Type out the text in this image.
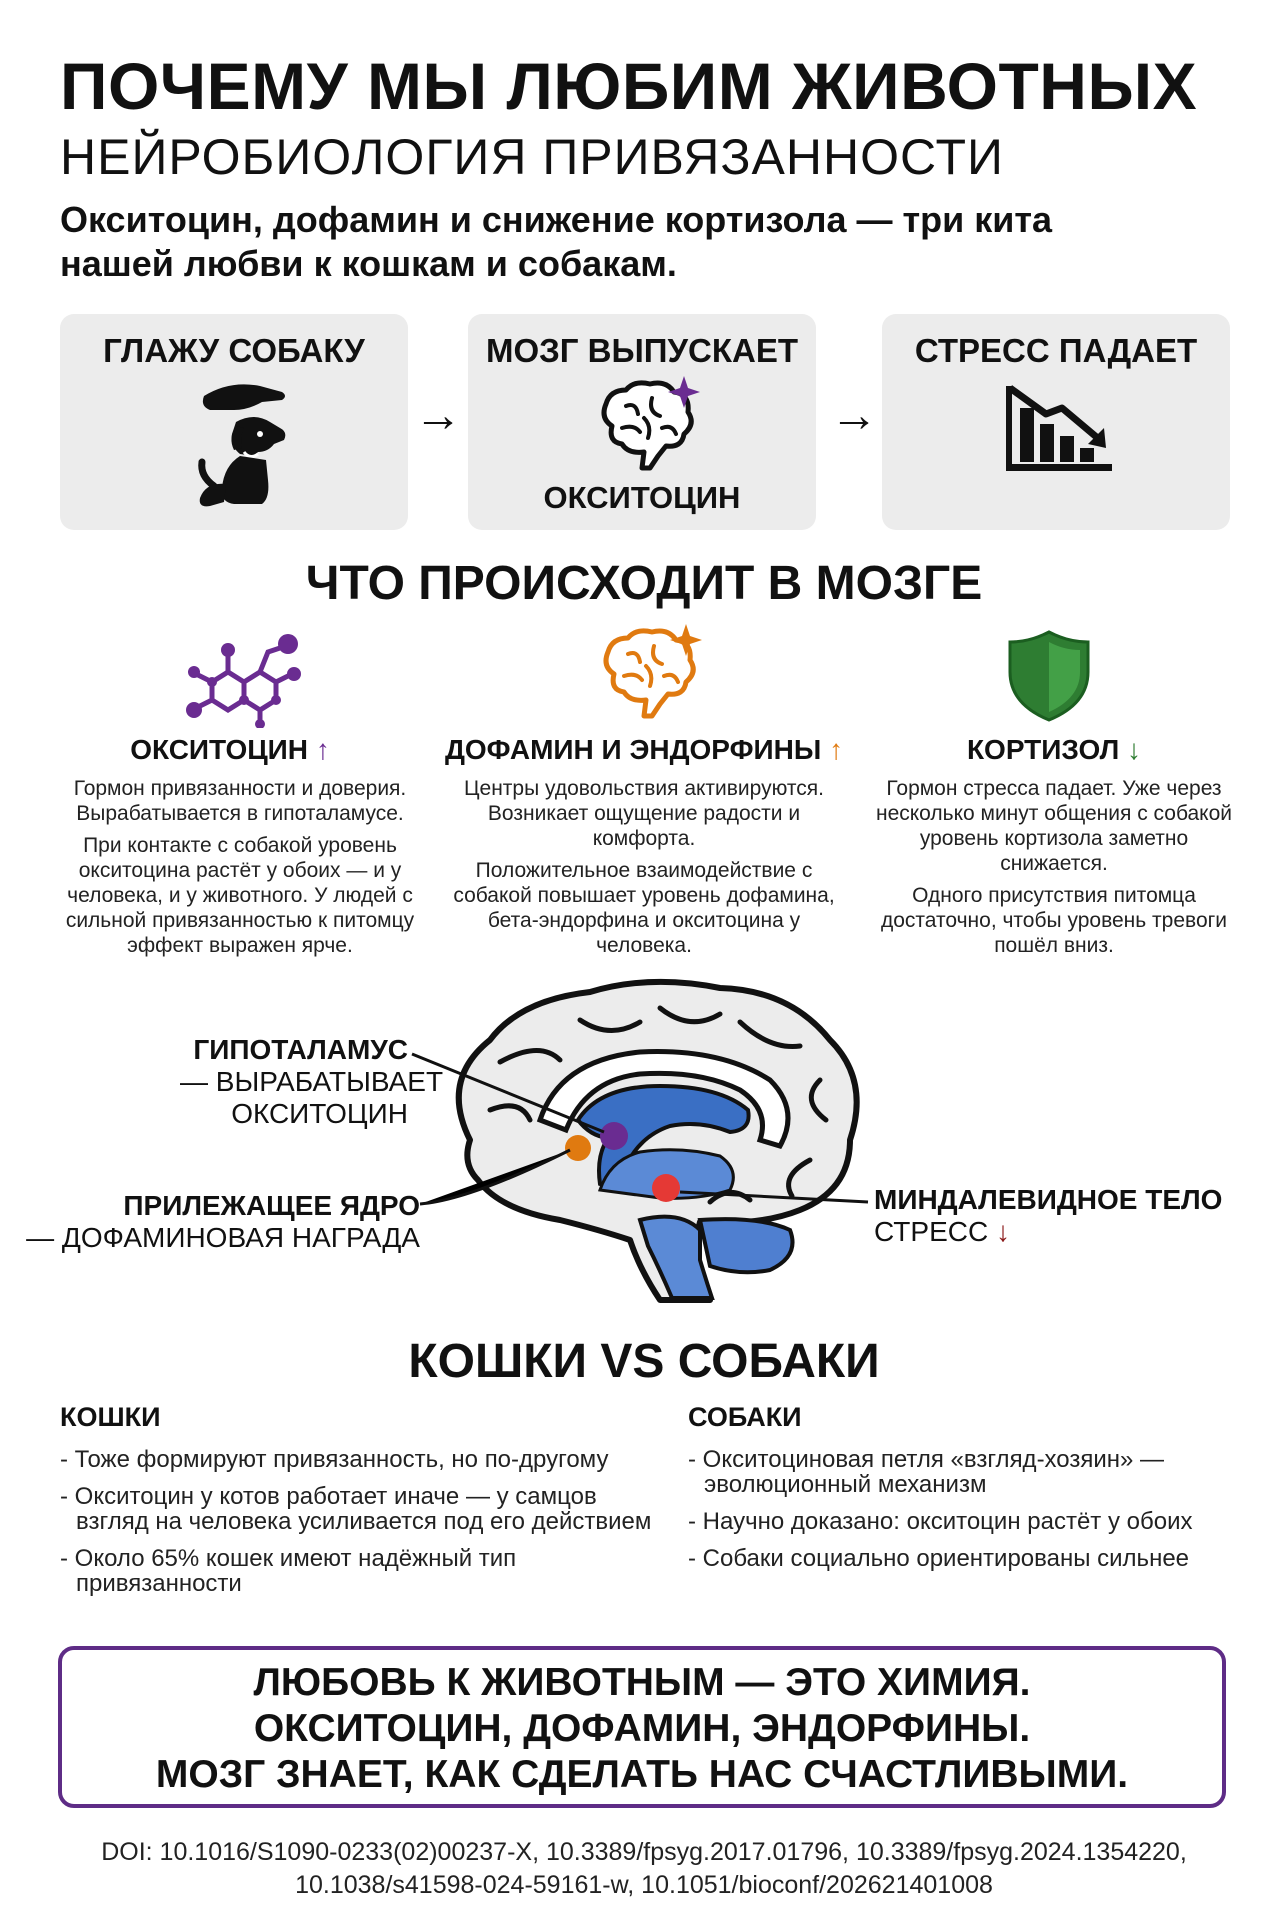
ПОЧЕМУ МЫ ЛЮБИМ ЖИВОТНЫХ
НЕЙРОБИОЛОГИЯ ПРИВЯЗАННОСТИ
Окситоцин, дофамин и снижение кортизола — три кита
нашей любви к кошкам и собакам.
ГЛАЖУ СОБАКУ
→
МОЗГ ВЫПУСКАЕТ
ОКСИТОЦИН
→
СТРЕСС ПАДАЕТ
ЧТО ПРОИСХОДИТ В МОЗГЕ
ОКСИТОЦИН ↑

Гормон привязанности и доверия. Вырабатывается в гипоталамусе.

При контакте с собакой уровень окситоцина растёт у обоих — и у человека, и у животного. У людей с сильной привязанностью к питомцу эффект выражен ярче.

ДОФАМИН И ЭНДОРФИНЫ ↑

Центры удовольствия активируются. Возникает ощущение радости и комфорта.

Положительное взаимодействие с собакой повышает уровень дофамина, бета-эндорфина и окситоцина у человека.

КОРТИЗОЛ ↓

Гормон стресса падает. Уже через несколько минут общения с собакой уровень кортизола заметно снижается.

Одного присутствия питомца достаточно, чтобы уровень тревоги пошёл вниз.

ГИПОТАЛАМУС
— ВЫРАБАТЫВАЕТ
ОКСИТОЦИН
ПРИЛЕЖАЩЕЕ ЯДРО
— ДОФАМИНОВАЯ НАГРАДА
МИНДАЛЕВИДНОЕ ТЕЛО
СТРЕСС ↓
КОШКИ VS СОБАКИ
КОШКИ
- Тоже формируют привязанность, но по-другому
- Окситоцин у котов работает иначе — у самцов взгляд на человека усиливается под его действием
- Около 65% кошек имеют надёжный тип привязанности
СОБАКИ
- Окситоциновая петля «взгляд-хозяин» — эволюционный механизм
- Научно доказано: окситоцин растёт у обоих
- Собаки социально ориентированы сильнее
ЛЮБОВЬ К ЖИВОТНЫМ — ЭТО ХИМИЯ.
ОКСИТОЦИН, ДОФАМИН, ЭНДОРФИНЫ.
МОЗГ ЗНАЕТ, КАК СДЕЛАТЬ НАС СЧАСТЛИВЫМИ.
DOI: 10.1016/S1090-0233(02)00237-X, 10.3389/fpsyg.2017.01796, 10.3389/fpsyg.2024.1354220,
10.1038/s41598-024-59161-w, 10.1051/bioconf/202621401008
